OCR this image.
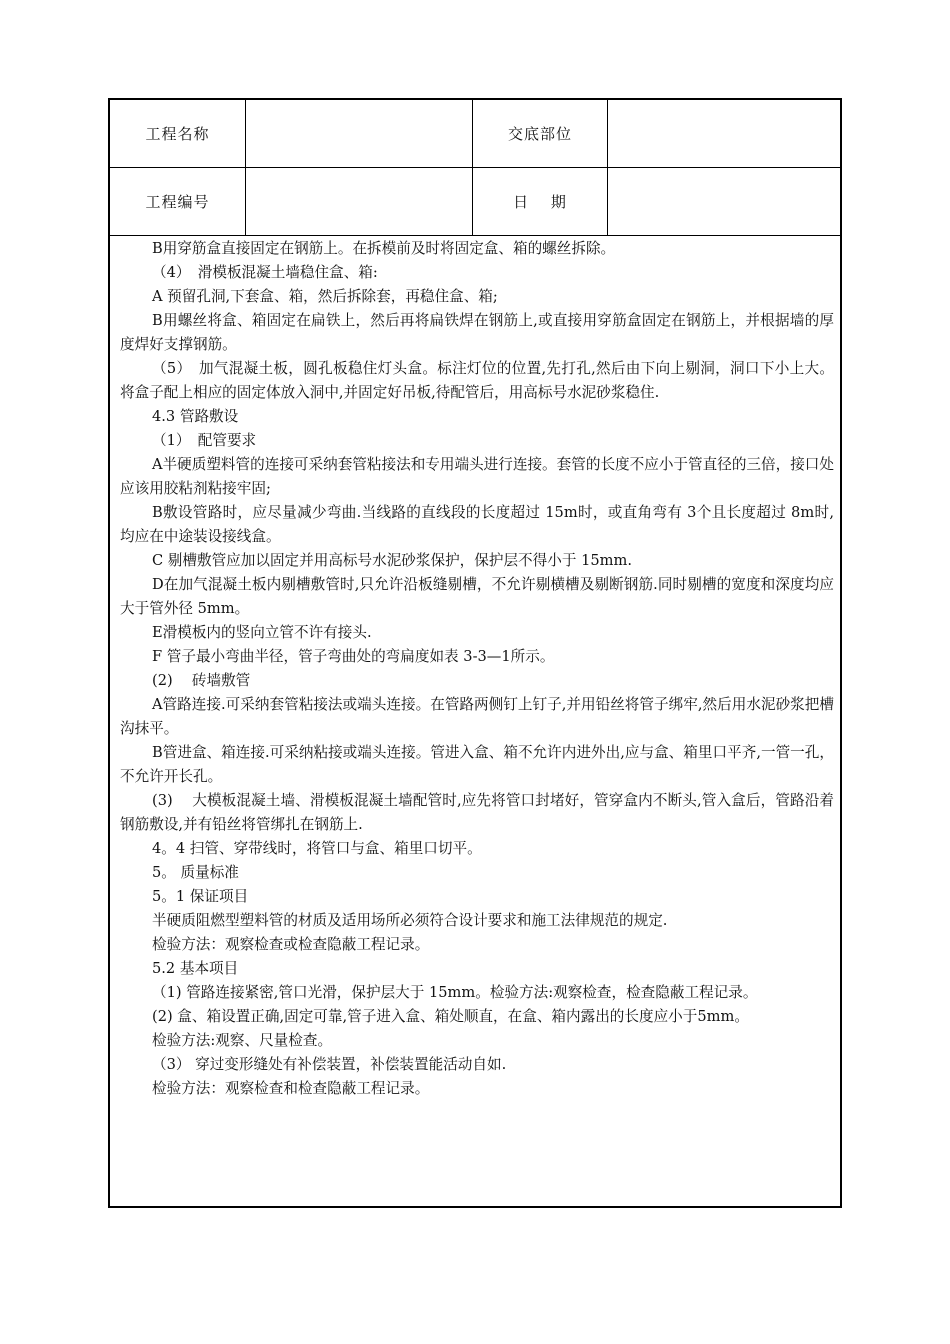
工程名称	交底部位
工程编号	日　 期

B用穿筋盒直接固定在钢筋上。在拆模前及时将固定盒、箱的螺丝拆除。

（4）　滑模板混凝土墙稳住盒、箱:

A 预留孔洞,下套盒、箱，然后拆除套，再稳住盒、箱;

B用螺丝将盒、箱固定在扁铁上，然后再将扁铁焊在钢筋上,或直接用穿筋盒固定在钢筋上，并根据墙的厚度焊好支撑钢筋。

（5）　加气混凝土板，圆孔板稳住灯头盒。标注灯位的位置,先打孔,然后由下向上剔洞，洞口下小上大。将盒子配上相应的固定体放入洞中,并固定好吊板,待配管后，用高标号水泥砂浆稳住.

4.3 管路敷设

（1）　配管要求

A半硬质塑料管的连接可采纳套管粘接法和专用端头进行连接。套管的长度不应小于管直径的三倍，接口处应该用胶粘剂粘接牢固;

B敷设管路时，应尽量减少弯曲.当线路的直线段的长度超过 15m时，或直角弯有 3个且长度超过 8m时,均应在中途装设接线盒。

C 剔槽敷管应加以固定并用高标号水泥砂浆保护，保护层不得小于 15mm.

D在加气混凝土板内剔槽敷管时,只允许沿板缝剔槽，不允许剔横槽及剔断钢筋.同时剔槽的宽度和深度均应大于管外径 5mm。

E滑模板内的竖向立管不许有接头.

F 管子最小弯曲半径，管子弯曲处的弯扁度如表 3-3—1所示。

(2)　 砖墙敷管

A管路连接.可采纳套管粘接法或端头连接。在管路两侧钉上钉子,并用铅丝将管子绑牢,然后用水泥砂浆把槽沟抹平。

B管进盒、箱连接.可采纳粘接或端头连接。管进入盒、箱不允许内进外出,应与盒、箱里口平齐,一管一孔，不允许开长孔。

(3)　 大模板混凝土墙、滑模板混凝土墙配管时,应先将管口封堵好，管穿盒内不断头,管入盒后，管路沿着钢筋敷设,并有铅丝将管绑扎在钢筋上.

4。4 扫管、穿带线时，将管口与盒、箱里口切平。

5。 质量标准

5。1 保证项目

半硬质阻燃型塑料管的材质及适用场所必须符合设计要求和施工法律规范的规定.

检验方法：观察检查或检查隐蔽工程记录。

5.2 基本项目

（1) 管路连接紧密,管口光滑，保护层大于 15mm。检验方法:观察检查，检查隐蔽工程记录。

(2) 盒、箱设置正确,固定可靠,管子进入盒、箱处顺直，在盒、箱内露出的长度应小于5mm。

检验方法:观察、尺量检查。

（3） 穿过变形缝处有补偿装置，补偿装置能活动自如.

检验方法：观察检查和检查隐蔽工程记录。
